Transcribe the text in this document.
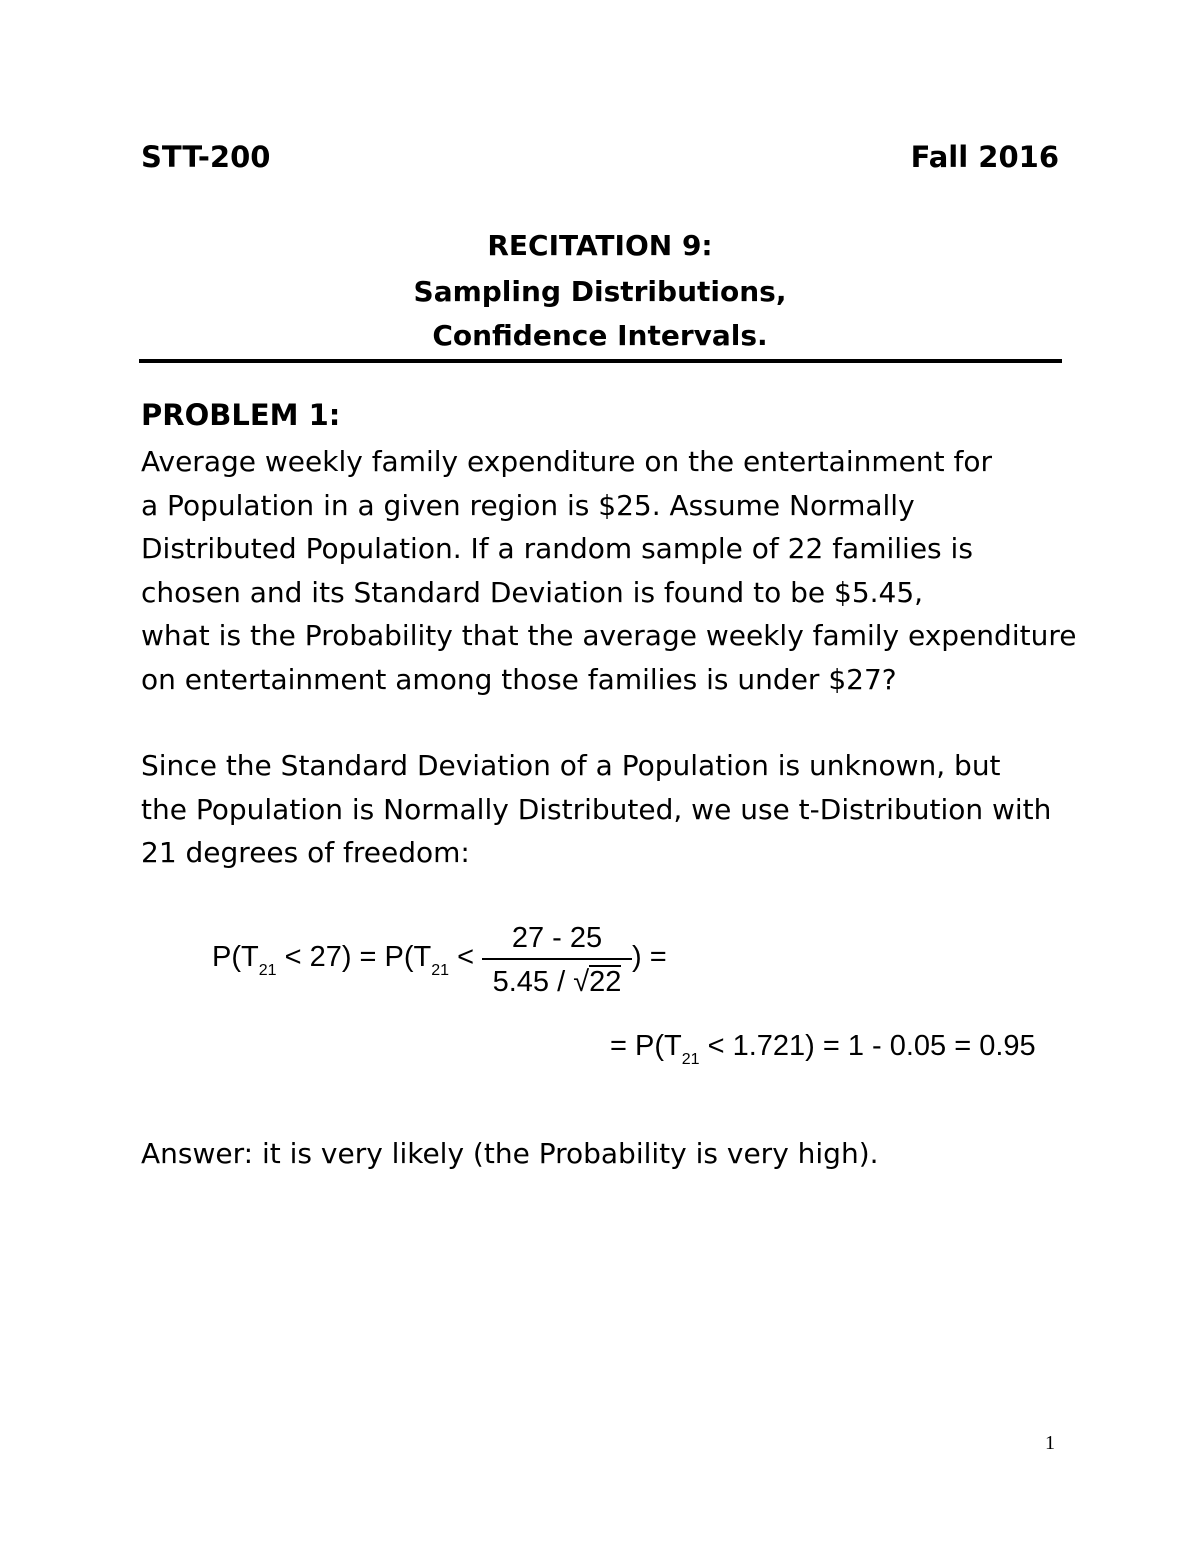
STT-200	Fall 2016
RECITATION 9:
Sampling Distributions,
Confidence Intervals.
PROBLEM 1:
Average weekly family expenditure on the entertainment for
a Population in a given region is $25. Assume Normally
Distributed Population. If a random sample of 22 families is
chosen and its Standard Deviation is found to be $5.45,
what is the Probability that the average weekly family expenditure
on entertainment among those families is under $27?
Since the Standard Deviation of a Population is unknown, but
the Population is Normally Distributed, we use t-Distribution with
21 degrees of freedom:
$P(T_{21} < 27) = P(T_{21}$ <
27 - 25
5.45 / √22
) =
= $P(T_{21} < 1.721) = 1 - 0.05 = 0.95$
Answer: it is very likely (the Probability is very high).
1
